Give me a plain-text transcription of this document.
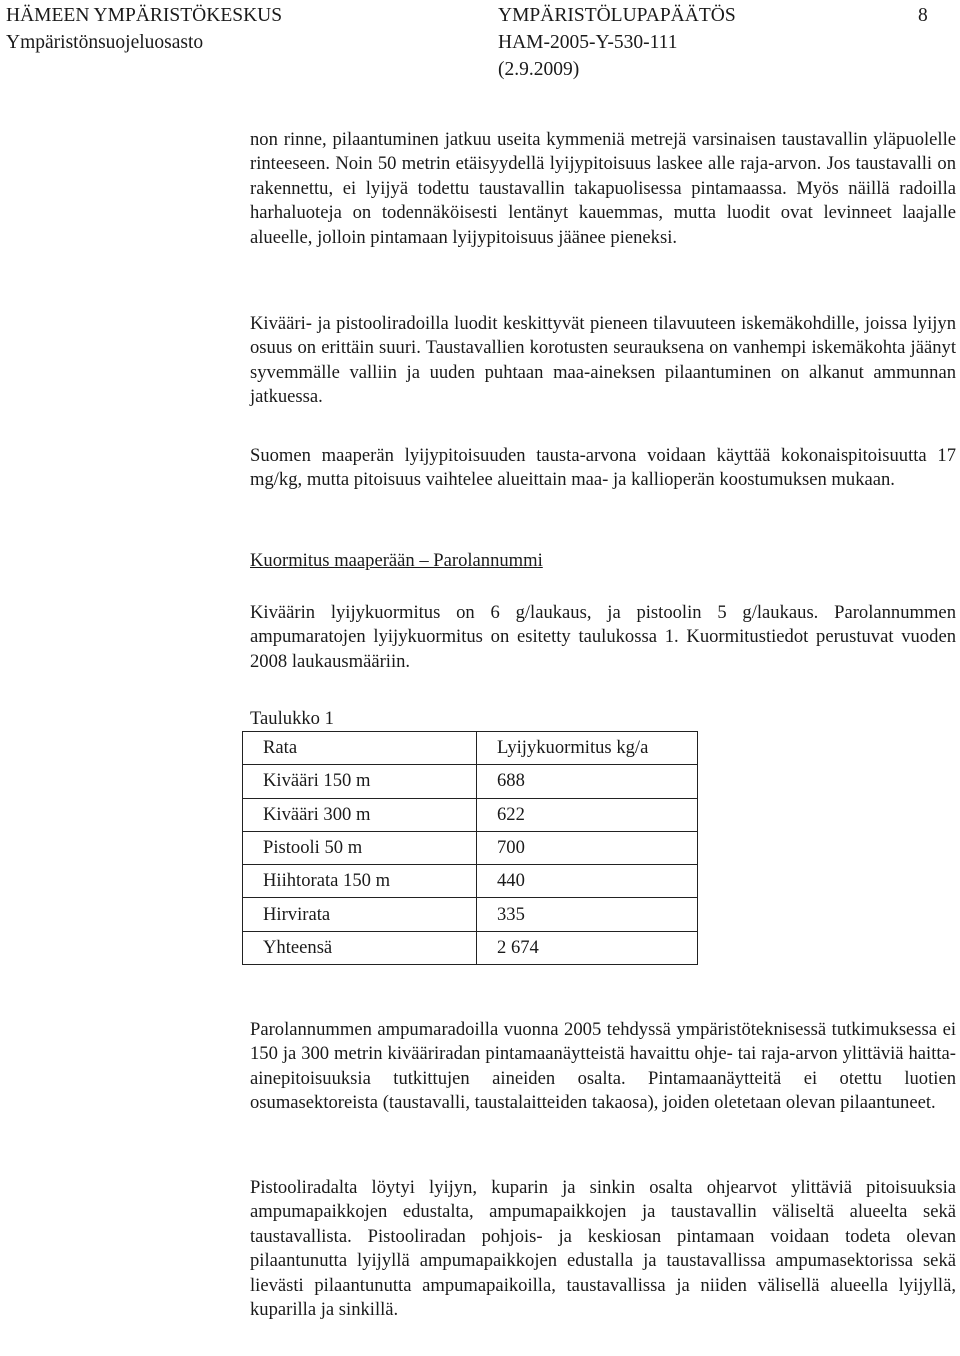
HÄMEEN YMPÄRISTÖKESKUS
Ympäristönsuojeluosasto
YMPÄRISTÖLUPAPÄÄTÖS
HAM-2005-Y-530-111
(2.9.2009)
8
non rinne, pilaantuminen jatkuu useita kymmeniä metrejä varsinaisen taustavallin yläpuolelle rinteeseen. Noin 50 metrin etäisyydellä lyijypitoisuus laskee alle raja-arvon. Jos taustavalli on rakennettu, ei lyijyä todettu taustavallin takapuolisessa pintamaassa. Myös näillä radoilla harhaluoteja on todennäköisesti lentänyt kauemmas, mutta luodit ovat levinneet laajalle alueelle, jolloin pintamaan lyijypitoisuus jäänee pieneksi.
Kivääri- ja pistooliradoilla luodit keskittyvät pieneen tilavuuteen iskemäkohdille, joissa lyijyn osuus on erittäin suuri. Taustavallien korotusten seurauksena on vanhempi iskemäkohta jäänyt syvemmälle valliin ja uuden puhtaan maa-aineksen pilaantuminen on alkanut ammunnan jatkuessa.
Suomen maaperän lyijypitoisuuden tausta-arvona voidaan käyttää kokonaispitoisuutta 17 mg/kg, mutta pitoisuus vaihtelee alueittain maa- ja kallioperän koostumuksen mukaan.
Kuormitus maaperään – Parolannummi
Kiväärin lyijykuormitus on 6 g/laukaus, ja pistoolin 5 g/laukaus. Parolannummen ampumaratojen lyijykuormitus on esitetty taulukossa 1. Kuormitustiedot perustuvat vuoden 2008 laukausmääriin.
Taulukko 1
Rata	Lyijykuormitus kg/a
Kivääri 150 m	688
Kivääri 300 m	622
Pistooli 50 m	700
Hiihtorata 150 m	440
Hirvirata	335
Yhteensä	2 674
Parolannummen ampumaradoilla vuonna 2005 tehdyssä ympäristöteknisessä tutkimuksessa ei 150 ja 300 metrin kivääriradan pintamaanäytteistä havaittu ohje- tai raja-arvon ylittäviä haitta-ainepitoisuuksia tutkittujen aineiden osalta. Pintamaanäytteitä ei otettu luotien osumasektoreista (taustavalli, taustalaitteiden takaosa), joiden oletetaan olevan pilaantuneet.
Pistooliradalta löytyi lyijyn, kuparin ja sinkin osalta ohjearvot ylittäviä pitoisuuksia ampumapaikkojen edustalta, ampumapaikkojen ja taustavallin väliseltä alueelta sekä taustavallista. Pistooliradan pohjois- ja keskiosan pintamaan voidaan todeta olevan pilaantunutta lyijyllä ampumapaikkojen edustalla ja taustavallissa ampumasektorissa sekä lievästi pilaantunutta ampumapaikoilla, taustavallissa ja niiden välisellä alueella lyijyllä, kuparilla ja sinkillä.
